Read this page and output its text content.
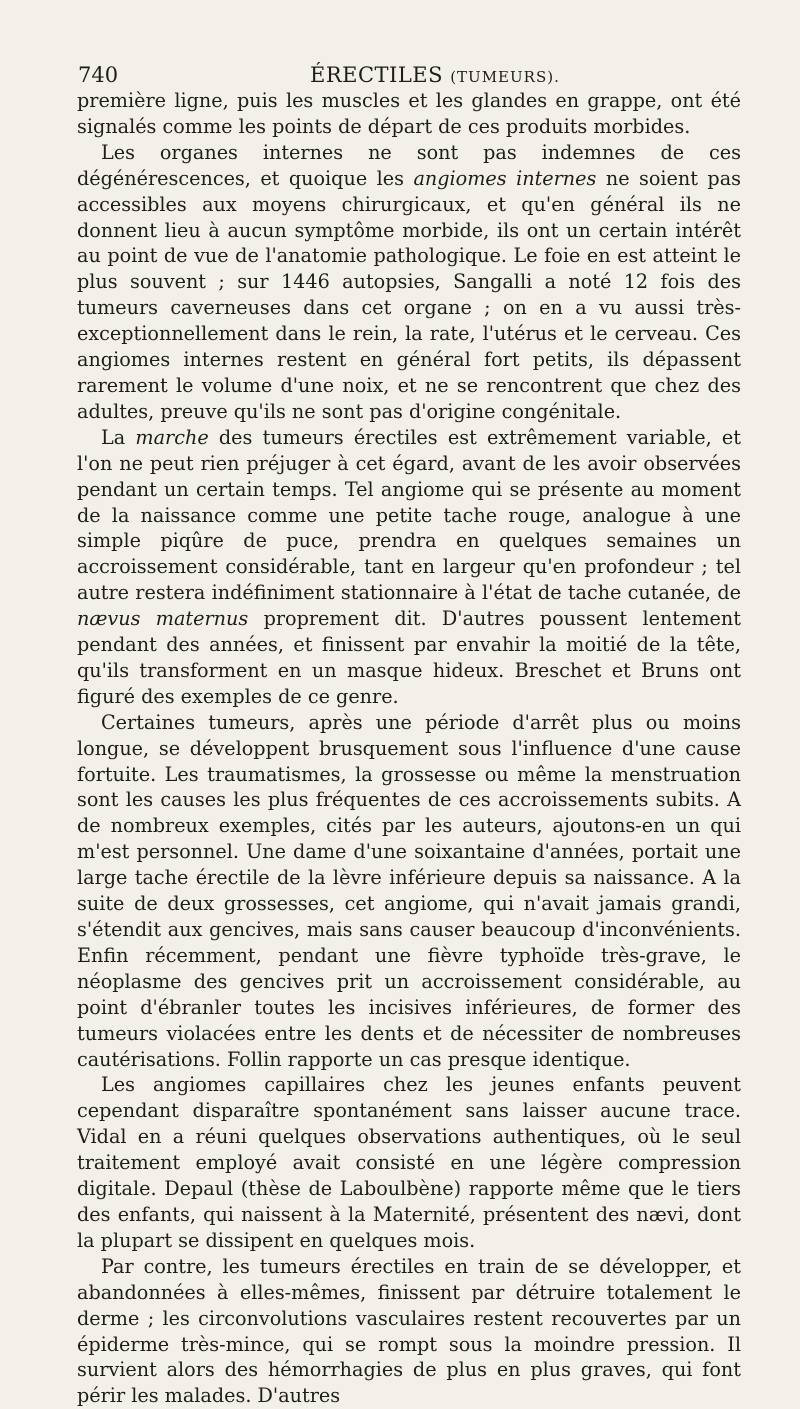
740	ÉRECTILES (TUMEURS).

première ligne, puis les muscles et les glandes en grappe, ont été signalés comme les points de départ de ces produits morbides.

Les organes internes ne sont pas indemnes de ces dégénérescences, et quoique les angiomes internes ne soient pas accessibles aux moyens chirurgicaux, et qu'en général ils ne donnent lieu à aucun symptôme morbide, ils ont un certain intérêt au point de vue de l'anatomie pathologique. Le foie en est atteint le plus souvent ; sur 1446 autopsies, Sangalli a noté 12 fois des tumeurs caverneuses dans cet organe ; on en a vu aussi très-exceptionnellement dans le rein, la rate, l'utérus et le cerveau. Ces angiomes internes restent en général fort petits, ils dépassent rarement le volume d'une noix, et ne se rencontrent que chez des adultes, preuve qu'ils ne sont pas d'origine congénitale.

La marche des tumeurs érectiles est extrêmement variable, et l'on ne peut rien préjuger à cet égard, avant de les avoir observées pendant un certain temps. Tel angiome qui se présente au moment de la naissance comme une petite tache rouge, analogue à une simple piqûre de puce, prendra en quelques semaines un accroissement considérable, tant en largeur qu'en profondeur ; tel autre restera indéfiniment stationnaire à l'état de tache cutanée, de nævus maternus proprement dit. D'autres poussent lentement pendant des années, et finissent par envahir la moitié de la tête, qu'ils transforment en un masque hideux. Breschet et Bruns ont figuré des exemples de ce genre.

Certaines tumeurs, après une période d'arrêt plus ou moins longue, se développent brusquement sous l'influence d'une cause fortuite. Les traumatismes, la grossesse ou même la menstruation sont les causes les plus fréquentes de ces accroissements subits. A de nombreux exemples, cités par les auteurs, ajoutons-en un qui m'est personnel. Une dame d'une soixantaine d'années, portait une large tache érectile de la lèvre inférieure depuis sa naissance. A la suite de deux grossesses, cet angiome, qui n'avait jamais grandi, s'étendit aux gencives, mais sans causer beaucoup d'inconvénients. Enfin récemment, pendant une fièvre typhoïde très-grave, le néoplasme des gencives prit un accroissement considérable, au point d'ébranler toutes les incisives inférieures, de former des tumeurs violacées entre les dents et de nécessiter de nombreuses cautérisations. Follin rapporte un cas presque identique.

Les angiomes capillaires chez les jeunes enfants peuvent cependant disparaître spontanément sans laisser aucune trace. Vidal en a réuni quelques observations authentiques, où le seul traitement employé avait consisté en une légère compression digitale. Depaul (thèse de Laboulbène) rapporte même que le tiers des enfants, qui naissent à la Maternité, présentent des nævi, dont la plupart se dissipent en quelques mois.

Par contre, les tumeurs érectiles en train de se développer, et abandonnées à elles-mêmes, finissent par détruire totalement le derme ; les circonvolutions vasculaires restent recouvertes par un épiderme très-mince, qui se rompt sous la moindre pression. Il survient alors des hémorrhagies de plus en plus graves, qui font périr les malades. D'autres
